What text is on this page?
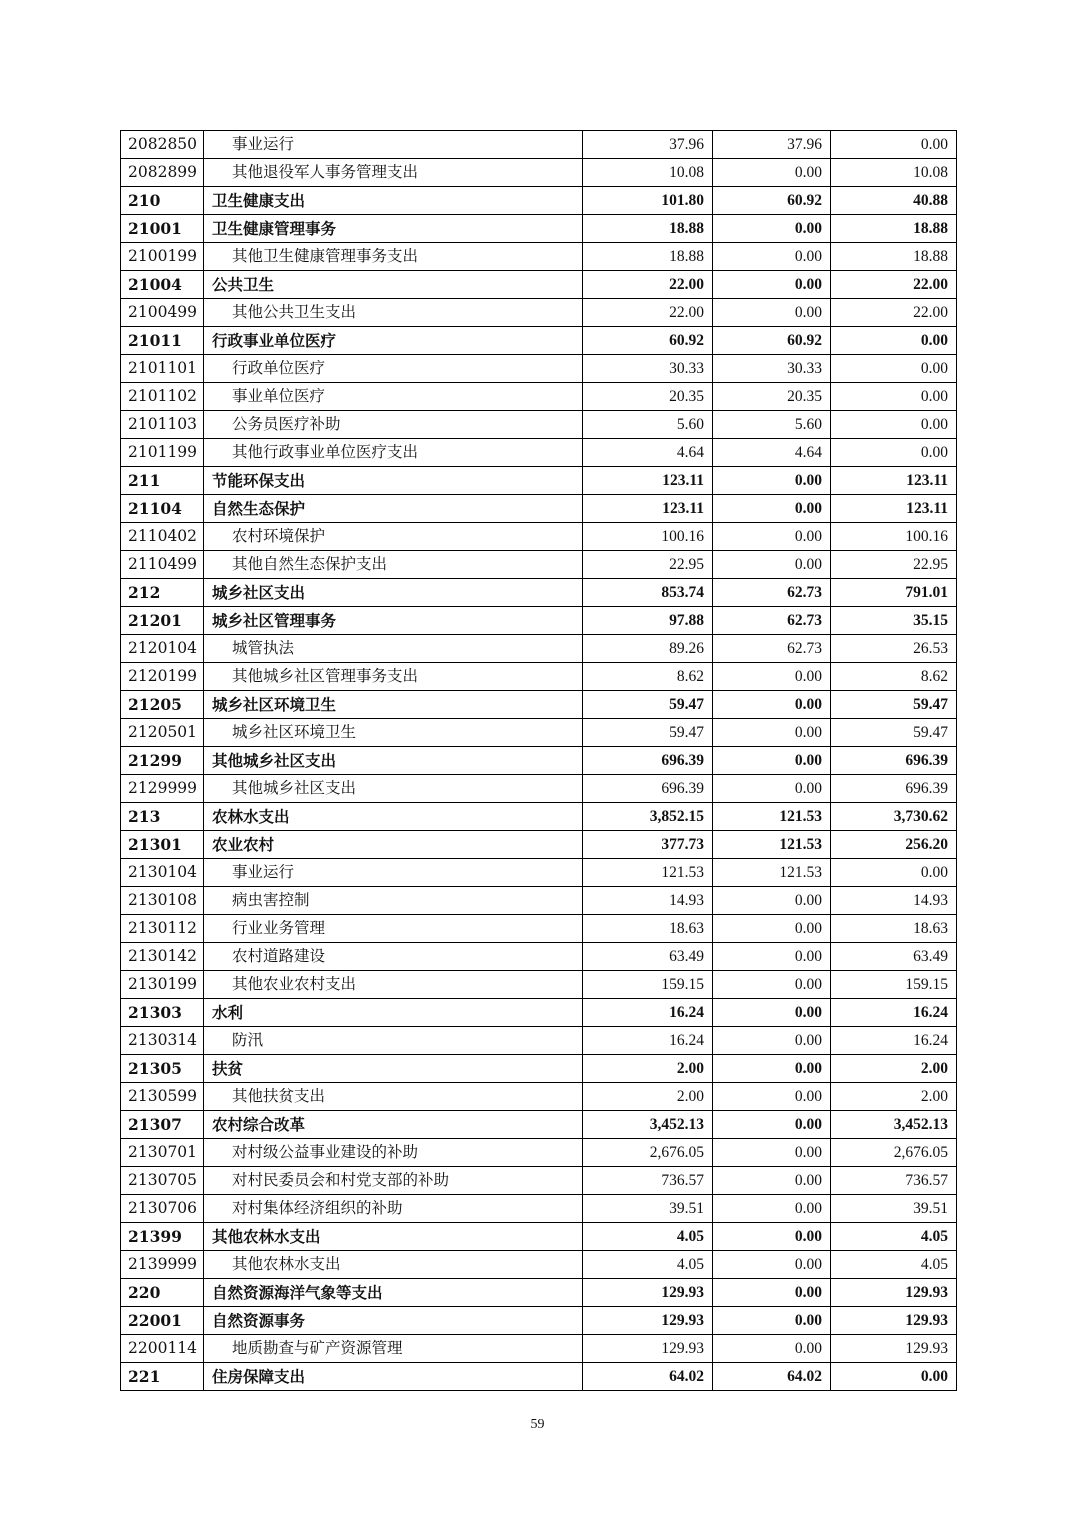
2082850	事业运行	37.96	37.96	0.00
2082899	其他退役军人事务管理支出	10.08	0.00	10.08
210	卫生健康支出	101.80	60.92	40.88
21001	卫生健康管理事务	18.88	0.00	18.88
2100199	其他卫生健康管理事务支出	18.88	0.00	18.88
21004	公共卫生	22.00	0.00	22.00
2100499	其他公共卫生支出	22.00	0.00	22.00
21011	行政事业单位医疗	60.92	60.92	0.00
2101101	行政单位医疗	30.33	30.33	0.00
2101102	事业单位医疗	20.35	20.35	0.00
2101103	公务员医疗补助	5.60	5.60	0.00
2101199	其他行政事业单位医疗支出	4.64	4.64	0.00
211	节能环保支出	123.11	0.00	123.11
21104	自然生态保护	123.11	0.00	123.11
2110402	农村环境保护	100.16	0.00	100.16
2110499	其他自然生态保护支出	22.95	0.00	22.95
212	城乡社区支出	853.74	62.73	791.01
21201	城乡社区管理事务	97.88	62.73	35.15
2120104	城管执法	89.26	62.73	26.53
2120199	其他城乡社区管理事务支出	8.62	0.00	8.62
21205	城乡社区环境卫生	59.47	0.00	59.47
2120501	城乡社区环境卫生	59.47	0.00	59.47
21299	其他城乡社区支出	696.39	0.00	696.39
2129999	其他城乡社区支出	696.39	0.00	696.39
213	农林水支出	3,852.15	121.53	3,730.62
21301	农业农村	377.73	121.53	256.20
2130104	事业运行	121.53	121.53	0.00
2130108	病虫害控制	14.93	0.00	14.93
2130112	行业业务管理	18.63	0.00	18.63
2130142	农村道路建设	63.49	0.00	63.49
2130199	其他农业农村支出	159.15	0.00	159.15
21303	水利	16.24	0.00	16.24
2130314	防汛	16.24	0.00	16.24
21305	扶贫	2.00	0.00	2.00
2130599	其他扶贫支出	2.00	0.00	2.00
21307	农村综合改革	3,452.13	0.00	3,452.13
2130701	对村级公益事业建设的补助	2,676.05	0.00	2,676.05
2130705	对村民委员会和村党支部的补助	736.57	0.00	736.57
2130706	对村集体经济组织的补助	39.51	0.00	39.51
21399	其他农林水支出	4.05	0.00	4.05
2139999	其他农林水支出	4.05	0.00	4.05
220	自然资源海洋气象等支出	129.93	0.00	129.93
22001	自然资源事务	129.93	0.00	129.93
2200114	地质勘查与矿产资源管理	129.93	0.00	129.93
221	住房保障支出	64.02	64.02	0.00
59
